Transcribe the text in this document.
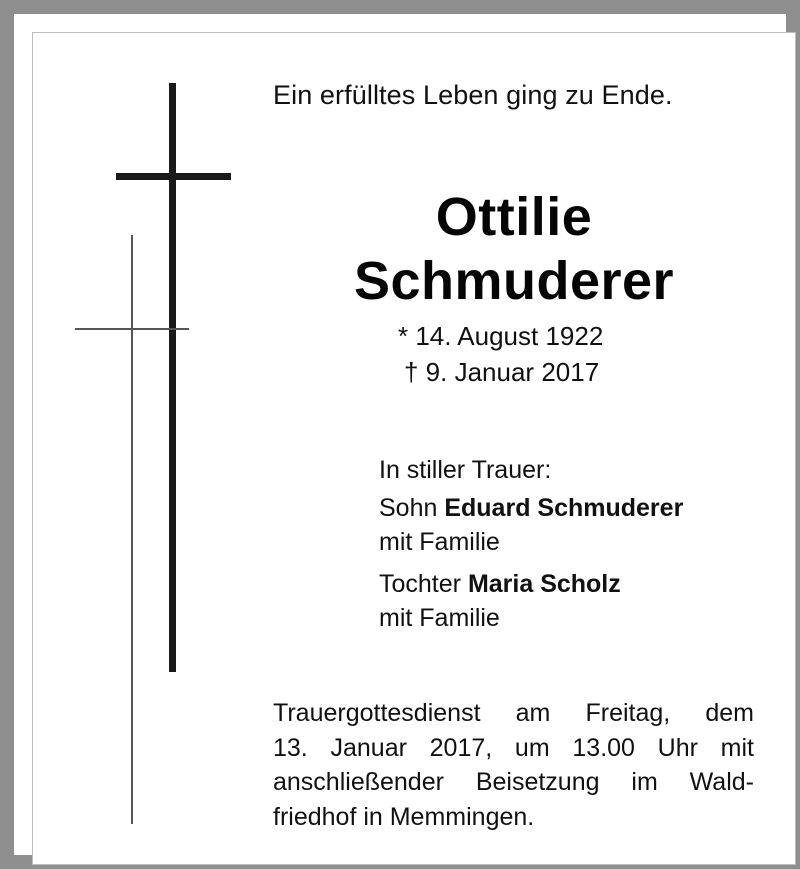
Ein erfülltes Leben ging zu Ende.

Ottilie
Schmuderer

* 14. August 1922

† 9. Januar 2017

In stiller Trauer:

Sohn Eduard Schmuderer

mit Familie

Tochter Maria Scholz

mit Familie

Trauergottesdienst am Freitag, dem
13. Januar 2017, um 13.00 Uhr mit
anschließender Beisetzung im Wald-
friedhof in Memmingen.
